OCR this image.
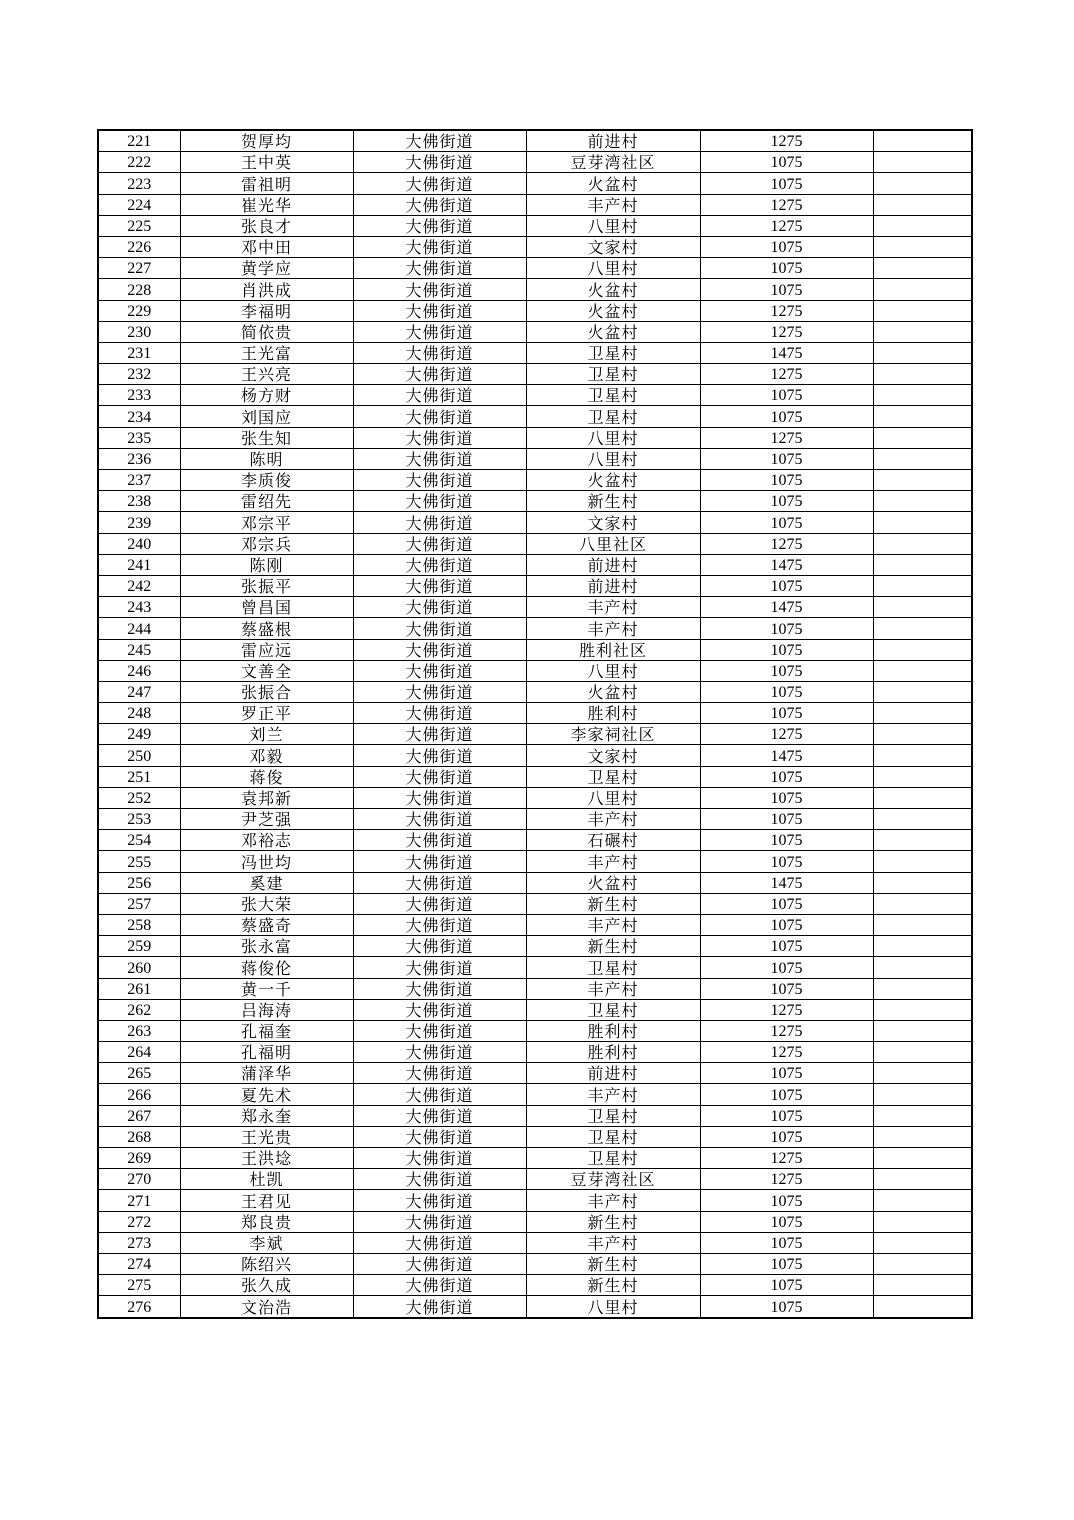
221	贺厚均	大佛街道	前进村	1275	
222	王中英	大佛街道	豆芽湾社区	1075	
223	雷祖明	大佛街道	火盆村	1075	
224	崔光华	大佛街道	丰产村	1275	
225	张良才	大佛街道	八里村	1275	
226	邓中田	大佛街道	文家村	1075	
227	黄学应	大佛街道	八里村	1075	
228	肖洪成	大佛街道	火盆村	1075	
229	李福明	大佛街道	火盆村	1275	
230	简依贵	大佛街道	火盆村	1275	
231	王光富	大佛街道	卫星村	1475	
232	王兴亮	大佛街道	卫星村	1275	
233	杨方财	大佛街道	卫星村	1075	
234	刘国应	大佛街道	卫星村	1075	
235	张生知	大佛街道	八里村	1275	
236	陈明	大佛街道	八里村	1075	
237	李质俊	大佛街道	火盆村	1075	
238	雷绍先	大佛街道	新生村	1075	
239	邓宗平	大佛街道	文家村	1075	
240	邓宗兵	大佛街道	八里社区	1275	
241	陈刚	大佛街道	前进村	1475	
242	张振平	大佛街道	前进村	1075	
243	曾昌国	大佛街道	丰产村	1475	
244	蔡盛根	大佛街道	丰产村	1075	
245	雷应远	大佛街道	胜利社区	1075	
246	文善全	大佛街道	八里村	1075	
247	张振合	大佛街道	火盆村	1075	
248	罗正平	大佛街道	胜利村	1075	
249	刘兰	大佛街道	李家祠社区	1275	
250	邓毅	大佛街道	文家村	1475	
251	蒋俊	大佛街道	卫星村	1075	
252	袁邦新	大佛街道	八里村	1075	
253	尹芝强	大佛街道	丰产村	1075	
254	邓裕志	大佛街道	石碾村	1075	
255	冯世均	大佛街道	丰产村	1075	
256	奚建	大佛街道	火盆村	1475	
257	张大荣	大佛街道	新生村	1075	
258	蔡盛奇	大佛街道	丰产村	1075	
259	张永富	大佛街道	新生村	1075	
260	蒋俊伦	大佛街道	卫星村	1075	
261	黄一千	大佛街道	丰产村	1075	
262	吕海涛	大佛街道	卫星村	1275	
263	孔福奎	大佛街道	胜利村	1275	
264	孔福明	大佛街道	胜利村	1275	
265	蒲泽华	大佛街道	前进村	1075	
266	夏先术	大佛街道	丰产村	1075	
267	郑永奎	大佛街道	卫星村	1075	
268	王光贵	大佛街道	卫星村	1075	
269	王洪埝	大佛街道	卫星村	1275	
270	杜凯	大佛街道	豆芽湾社区	1275	
271	王君见	大佛街道	丰产村	1075	
272	郑良贵	大佛街道	新生村	1075	
273	李斌	大佛街道	丰产村	1075	
274	陈绍兴	大佛街道	新生村	1075	
275	张久成	大佛街道	新生村	1075	
276	文治浩	大佛街道	八里村	1075	
